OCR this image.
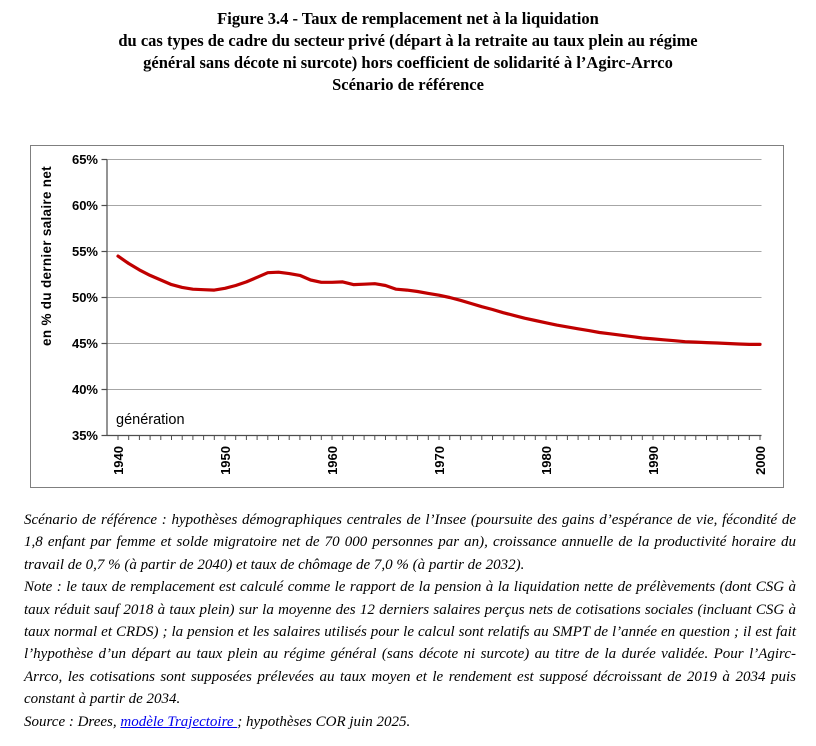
Figure 3.4 - Taux de remplacement net à la liquidation
du cas types de cadre du secteur privé (départ à la retraite au taux plein au régime
général sans décote ni surcote) hors coefficient de solidarité à l’Agirc-Arrco
Scénario de référence
65%
60%
55%
50%
45%
40%
35%
1940	1950	1960	1970	1980	1990	2000
en % du dernier salaire net
génération

Scénario de référence : hypothèses démographiques centrales de l’Insee (poursuite des gains d’espérance de vie, fécondité de 1,8 enfant par femme et solde migratoire net de 70 000 personnes par an), croissance annuelle de la productivité horaire du travail de 0,7 % (à partir de 2040) et taux de chômage de 7,0 % (à partir de 2032).

Note : le taux de remplacement est calculé comme le rapport de la pension à la liquidation nette de prélèvements (dont CSG à taux réduit sauf 2018 à taux plein) sur la moyenne des 12 derniers salaires perçus nets de cotisations sociales (incluant CSG à taux normal et CRDS) ; la pension et les salaires utilisés pour le calcul sont relatifs au SMPT de l’année en question ; il est fait l’hypothèse d’un départ au taux plein au régime général (sans décote ni surcote) au titre de la durée validée. Pour l’Agirc-Arrco, les cotisations sont supposées prélevées au taux moyen et le rendement est supposé décroissant de 2019 à 2034 puis constant à partir de 2034.

Source : Drees, modèle Trajectoire ; hypothèses COR juin 2025.
